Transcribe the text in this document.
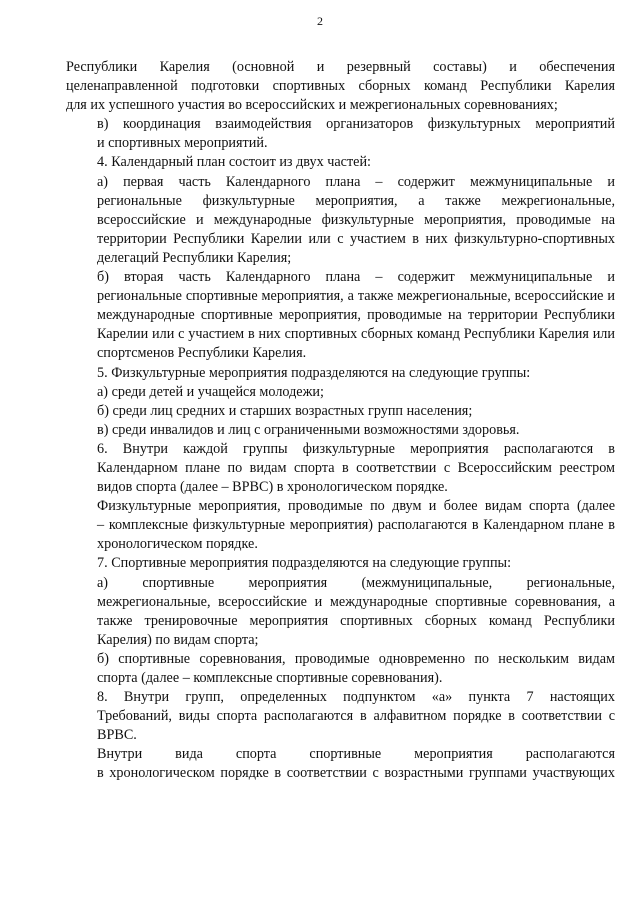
2
Республики Карелия (основной и резервный составы) и обеспечения
целенаправленной подготовки спортивных сборных команд Республики Карелия
для их успешного участия во всероссийских и межрегиональных соревнованиях;
в) координация взаимодействия организаторов физкультурных мероприятий
и спортивных мероприятий.
4. Календарный план состоит из двух частей:
а) первая часть Календарного плана – содержит межмуниципальные и
региональные физкультурные мероприятия, а также межрегиональные,
всероссийские и международные физкультурные мероприятия, проводимые на
территории Республики Карелии или с участием в них физкультурно-спортивных
делегаций Республики Карелия;
б) вторая часть Календарного плана – содержит межмуниципальные и
региональные спортивные мероприятия, а также межрегиональные, всероссийские и
международные спортивные мероприятия, проводимые на территории Республики
Карелии или с участием в них спортивных сборных команд Республики Карелия или
спортсменов Республики Карелия.
5. Физкультурные мероприятия подразделяются на следующие группы:
а) среди детей и учащейся молодежи;
б) среди лиц средних и старших возрастных групп населения;
в) среди инвалидов и лиц с ограниченными возможностями здоровья.
6. Внутри каждой группы физкультурные мероприятия располагаются в
Календарном плане по видам спорта в соответствии с Всероссийским реестром
видов спорта (далее – ВРВС) в хронологическом порядке.
Физкультурные мероприятия, проводимые по двум и более видам спорта (далее
– комплексные физкультурные мероприятия) располагаются в Календарном плане в
хронологическом порядке.
7. Спортивные мероприятия подразделяются на следующие группы:
а) спортивные мероприятия (межмуниципальные, региональные,
межрегиональные, всероссийские и международные спортивные соревнования, а
также тренировочные мероприятия спортивных сборных команд Республики
Карелия) по видам спорта;
б) спортивные соревнования, проводимые одновременно по нескольким видам
спорта (далее – комплексные спортивные соревнования).
8. Внутри групп, определенных подпунктом «а» пункта 7 настоящих
Требований, виды спорта располагаются в алфавитном порядке в соответствии с
ВРВС.
Внутри вида спорта спортивные мероприятия располагаются
в хронологическом порядке в соответствии с возрастными группами участвующих
